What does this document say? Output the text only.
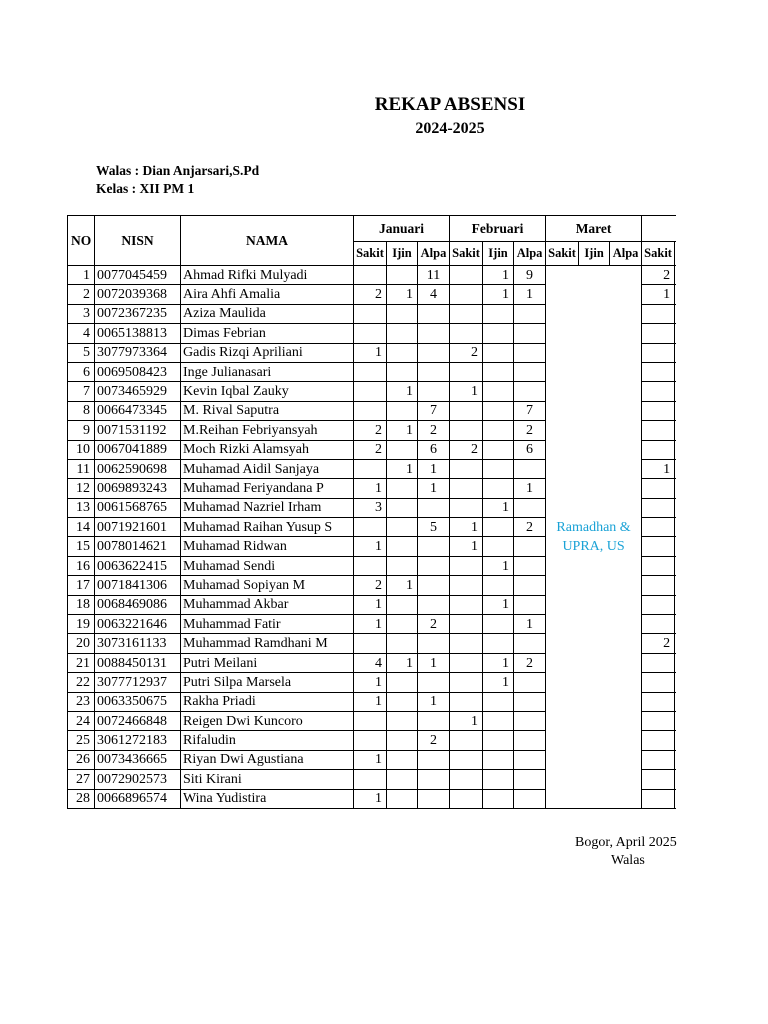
REKAP ABSENSI
2024-2025
Walas : Dian Anjarsari,S.Pd
Kelas : XII PM 1
NO	NISN	NAMA	Januari			Februari			Maret				
			Sakit	Ijin	Alpa	Sakit	Ijin	Alpa	Sakit	Ijin	Alpa	Sakit	
1	0077045459	Ahmad Rifki Mulyadi			11		1	9	Ramadhan & UPRA, US			2	
2	0072039368	Aira Ahfi Amalia	2	1	4		1	1				1	
3	0072367235	Aziza Maulida											
4	0065138813	Dimas Febrian											
5	3077973364	Gadis Rizqi Apriliani	1			2							
6	0069508423	Inge Julianasari											
7	0073465929	Kevin Iqbal Zauky		1		1							
8	0066473345	M. Rival Saputra			7			7					
9	0071531192	M.Reihan Febriyansyah	2	1	2			2					
10	0067041889	Moch Rizki Alamsyah	2		6	2		6					
11	0062590698	Muhamad Aidil Sanjaya		1	1							1	
12	0069893243	Muhamad Feriyandana P	1		1			1					
13	0061568765	Muhamad Nazriel Irham	3				1						
14	0071921601	Muhamad Raihan Yusup S			5	1		2					
15	0078014621	Muhamad Ridwan	1			1							
16	0063622415	Muhamad Sendi					1						
17	0071841306	Muhamad Sopiyan M	2	1									
18	0068469086	Muhammad Akbar	1				1						
19	0063221646	Muhammad Fatir	1		2			1					
20	3073161133	Muhammad Ramdhani M										2	
21	0088450131	Putri Meilani	4	1	1		1	2					
22	3077712937	Putri Silpa Marsela	1				1						
23	0063350675	Rakha Priadi	1		1								
24	0072466848	Reigen Dwi Kuncoro				1							
25	3061272183	Rifaludin			2								
26	0073436665	Riyan Dwi Agustiana	1										
27	0072902573	Siti Kirani											
28	0066896574	Wina Yudistira	1										
Bogor, April 2025
Walas
